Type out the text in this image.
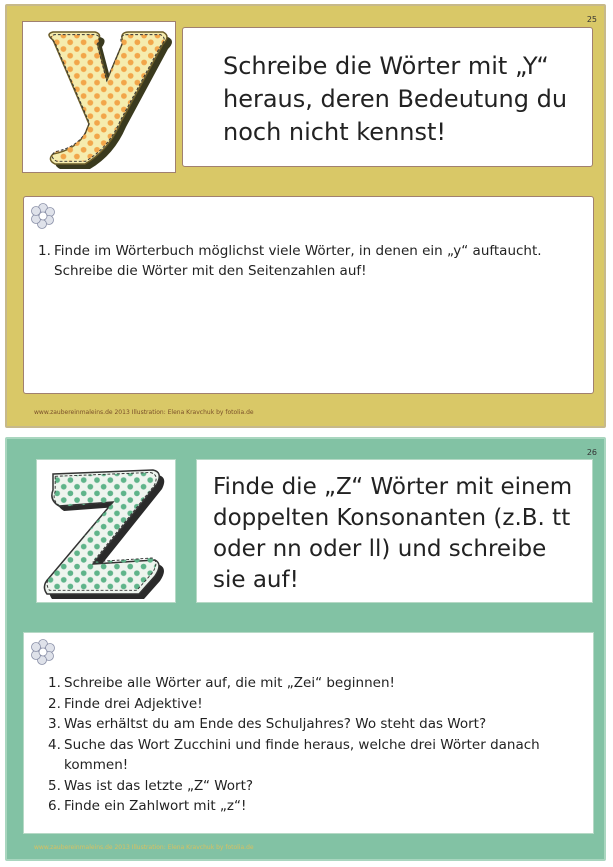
25

Schreibe die Wörter mit „Y“ heraus, deren Bedeutung du noch nicht kennst!

1. Finde im Wörterbuch möglichst viele Wörter, in denen ein „y“ auftaucht. Schreibe die Wörter mit den Seitenzahlen auf!
www.zaubereinmaleins.de 2013 Illustration: Elena Kravchuk by fotolia.de
26

Finde die „Z“ Wörter mit einem doppelten Konsonanten (z.B. tt oder nn oder ll) und schreibe sie auf!

1. Schreibe alle Wörter auf, die mit „Zei“ beginnen!
2. Finde drei Adjektive!
3. Was erhältst du am Ende des Schuljahres? Wo steht das Wort?
4. Suche das Wort Zucchini und finde heraus, welche drei Wörter danach kommen!
5. Was ist das letzte „Z“ Wort?
6. Finde ein Zahlwort mit „z“!
www.zaubereinmaleins.de 2013 Illustration: Elena Kravchuk by fotolia.de
